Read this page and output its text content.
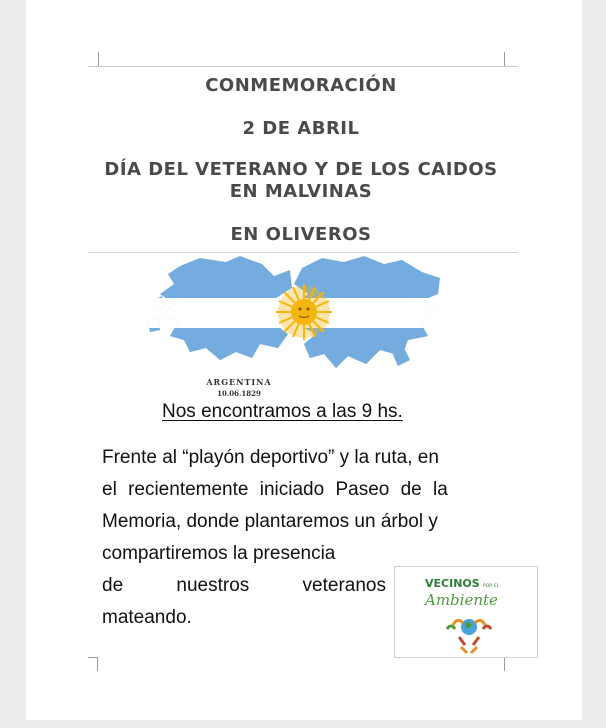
CONMEMORACIÓN
2 DE ABRIL
DÍA DEL VETERANO Y DE LOS CAIDOS
EN MALVINAS
EN OLIVEROS
ARGENTINA
10.06.1829
Nos encontramos a las 9 hs.
Frente al “playón deportivo” y la ruta, en
el recientemente iniciado Paseo de la
Memoria, donde plantaremos un árbol y
compartiremos la presencia
de	nuestros	veteranos
mateando.
VECINOS POR EL
Ambiente
